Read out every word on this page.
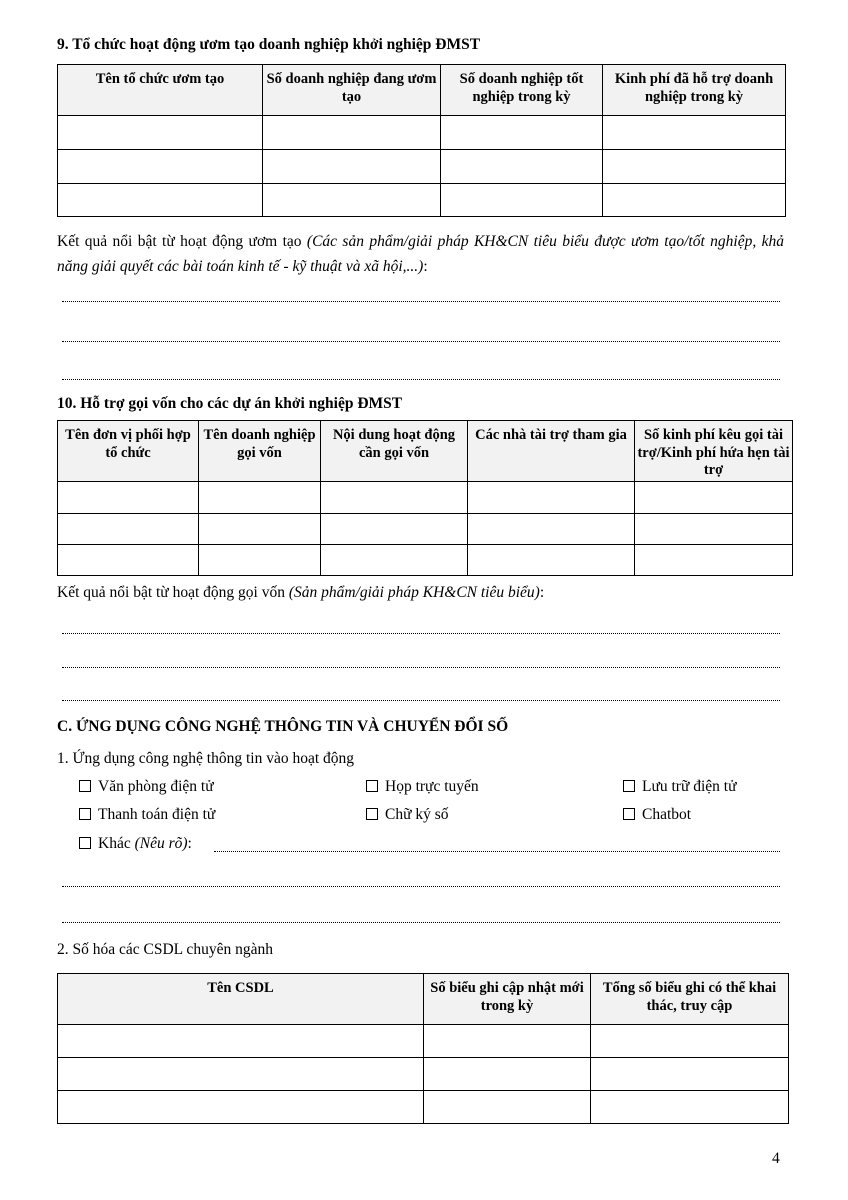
9. Tổ chức hoạt động ươm tạo doanh nghiệp khởi nghiệp ĐMST
Tên tổ chức ươm tạo	Số doanh nghiệp đang ươm tạo	Số doanh nghiệp tốt nghiệp trong kỳ	Kinh phí đã hỗ trợ doanh nghiệp trong kỳ

Kết quả nổi bật từ hoạt động ươm tạo (Các sản phẩm/giải pháp KH&CN tiêu biểu được ươm tạo/tốt nghiệp, khả năng giải quyết các bài toán kinh tế - kỹ thuật và xã hội,...):
10. Hỗ trợ gọi vốn cho các dự án khởi nghiệp ĐMST
Tên đơn vị phối hợp tổ chức	Tên doanh nghiệp gọi vốn	Nội dung hoạt động cần gọi vốn	Các nhà tài trợ tham gia	Số kinh phí kêu gọi tài trợ/Kinh phí hứa hẹn tài trợ

Kết quả nổi bật từ hoạt động gọi vốn (Sản phẩm/giải pháp KH&CN tiêu biểu):
C. ỨNG DỤNG CÔNG NGHỆ THÔNG TIN VÀ CHUYỂN ĐỔI SỐ
1. Ứng dụng công nghệ thông tin vào hoạt động
Văn phòng điện tử	Họp trực tuyến	Lưu trữ điện tử
Thanh toán điện tử	Chữ ký số	Chatbot
Khác (Nêu rõ):
2. Số hóa các CSDL chuyên ngành
Tên CSDL	Số biểu ghi cập nhật mới trong kỳ	Tổng số biểu ghi có thể khai thác, truy cập

4
